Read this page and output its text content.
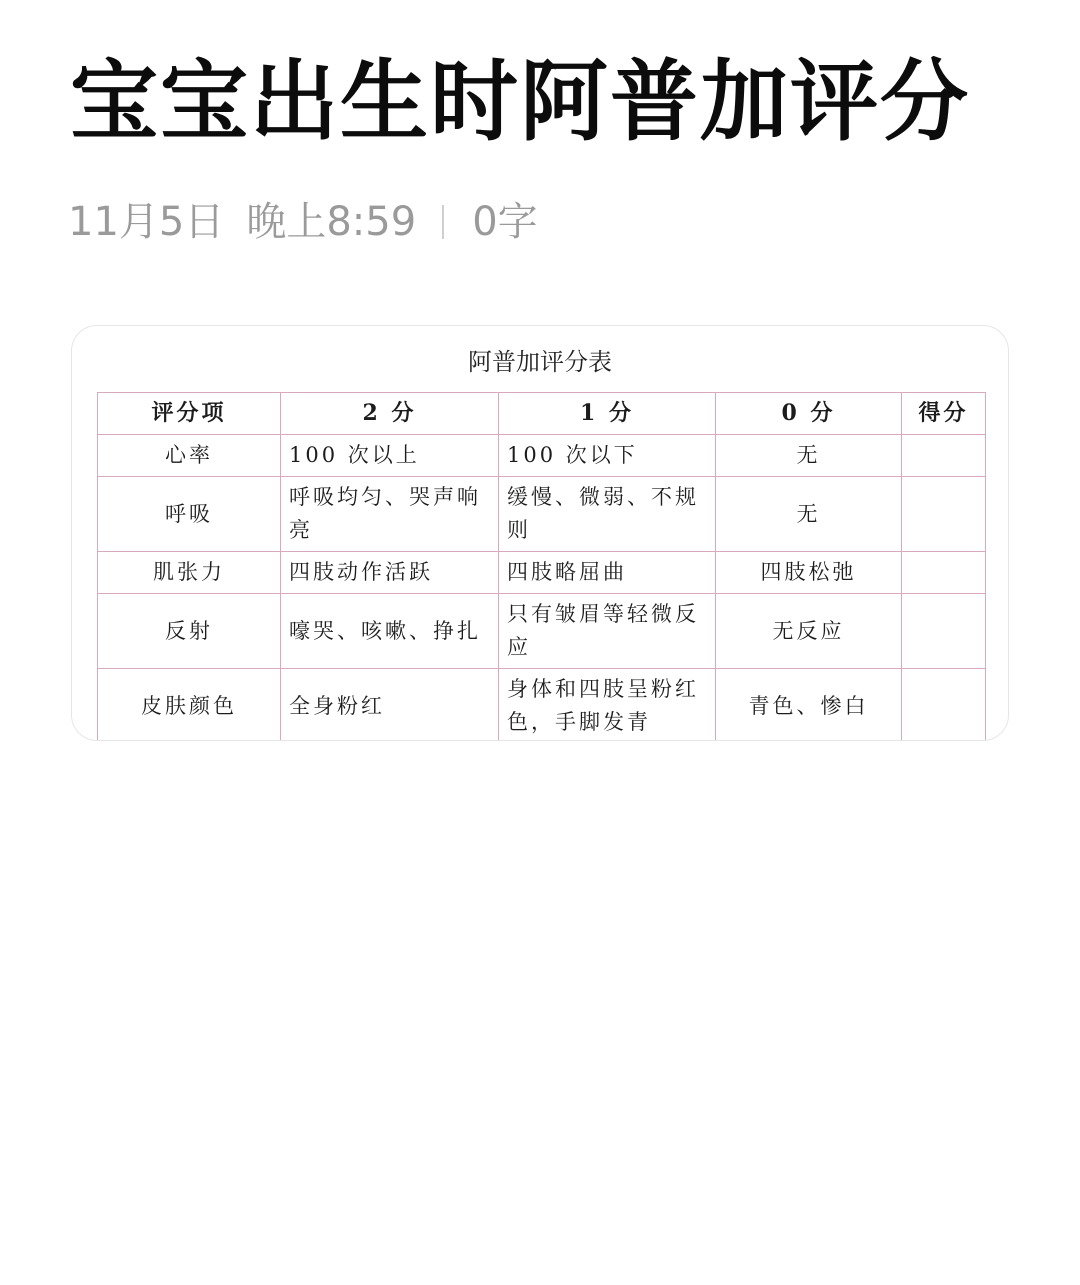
宝宝出生时阿普加评分
11月5日 晚上8:59 0字
阿普加评分表
评分项	2 分	1 分	0 分	得分
心率	100 次以上	100 次以下	无	
呼吸	呼吸均匀、哭声响亮	缓慢、微弱、不规则	无	
肌张力	四肢动作活跃	四肢略屈曲	四肢松弛	
反射	嚎哭、咳嗽、挣扎	只有皱眉等轻微反应	无反应	
皮肤颜色	全身粉红	身体和四肢呈粉红色，手脚发青	青色、惨白	
